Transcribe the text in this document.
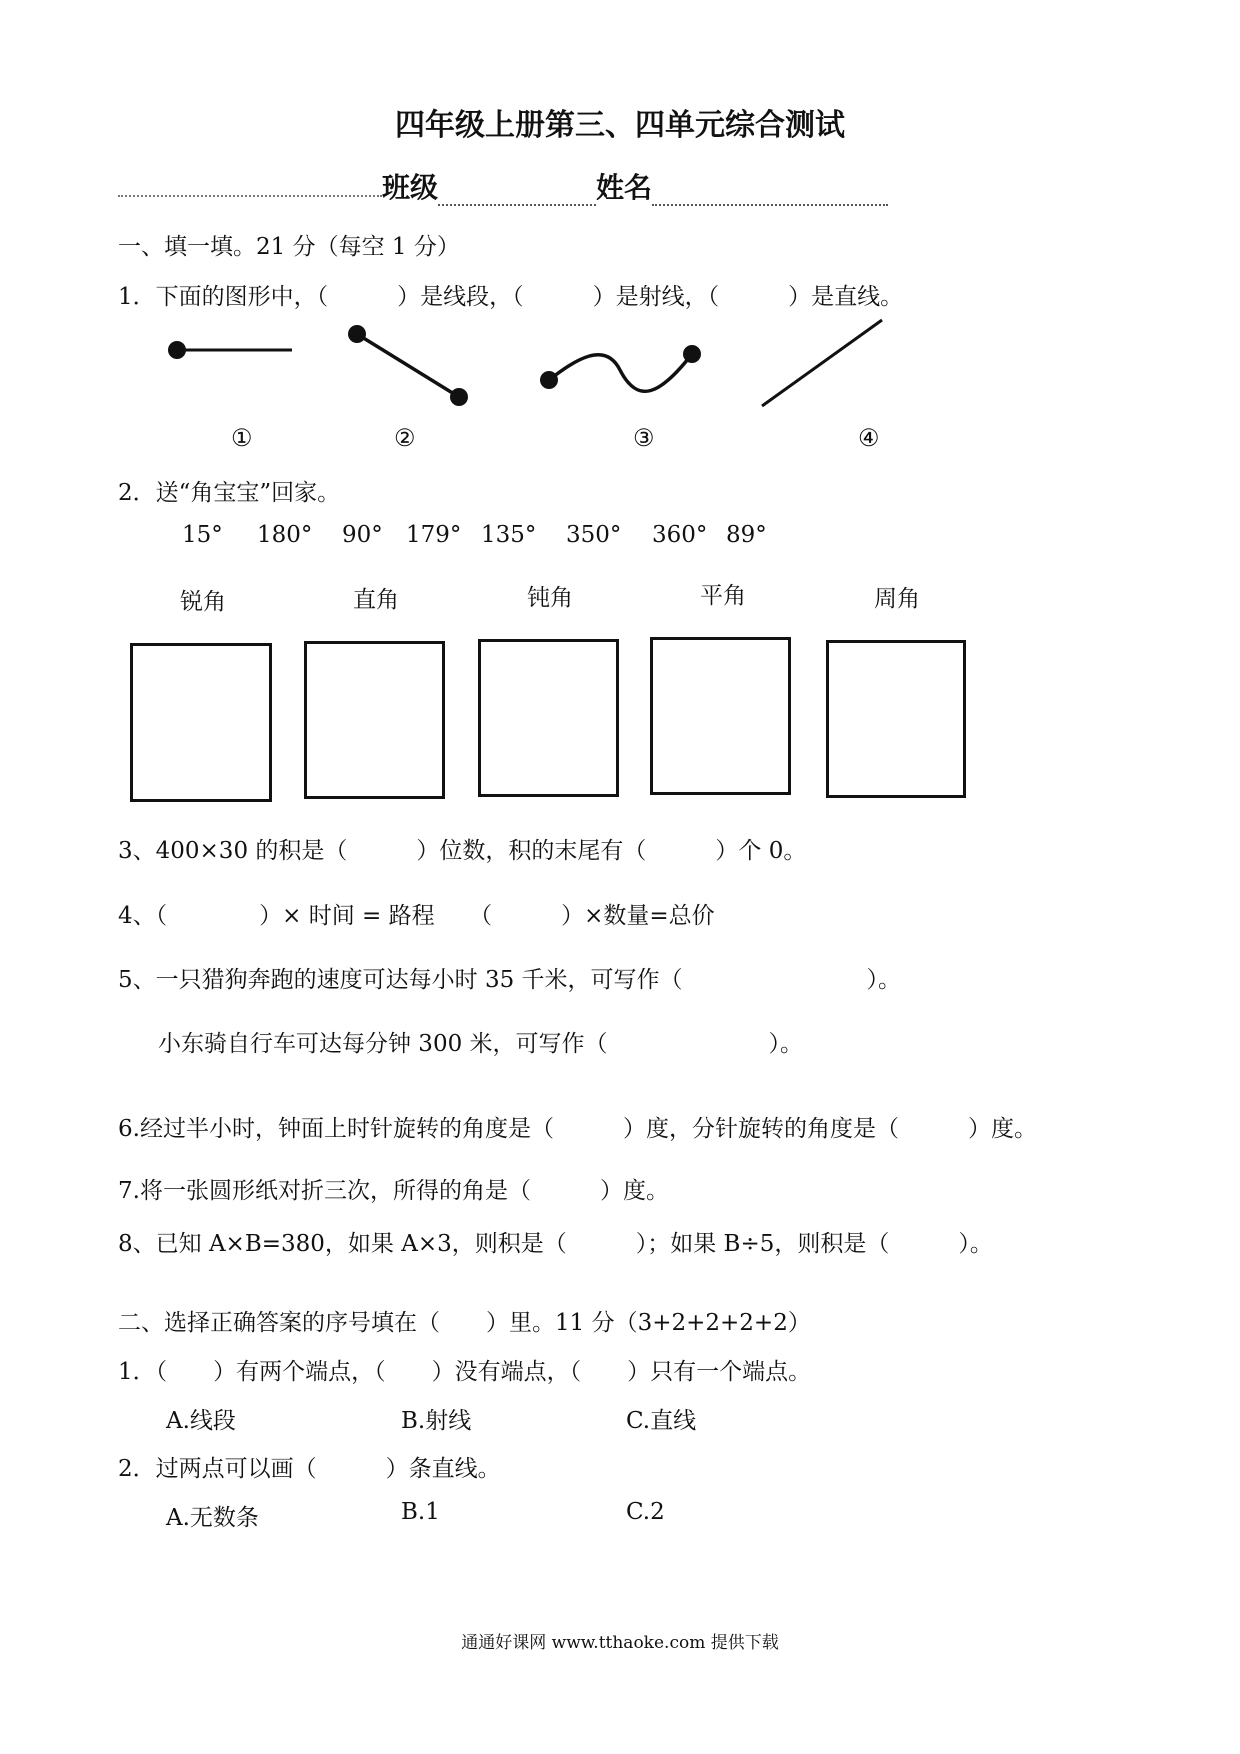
四年级上册第三、四单元综合测试
班级	姓名
一、填一填。21 分（每空 1 分）
1．下面的图形中，（　　　）是线段，（　　　）是射线，（　　　）是直线。
①	②	③	④
2．送“角宝宝”回家。
15° 180° 90° 179° 135° 350° 360° 89°
锐角	直角	钝角	平角	周角
3、400×30 的积是（　　　）位数，积的末尾有（　　　）个 0。
4、（　　　　）× 时间 = 路程　　（　　　）×数量=总价
5、一只猎狗奔跑的速度可达每小时 35 千米，可写作（　　　　　　　　）。
小东骑自行车可达每分钟 300 米，可写作（　　　　　　　）。
6.经过半小时，钟面上时针旋转的角度是（　　　）度，分针旋转的角度是（　　　）度。
7.将一张圆形纸对折三次，所得的角是（　　　）度。
8、已知 A×B=380，如果 A×3，则积是（　　　）；如果 B÷5，则积是（　　　）。
二、选择正确答案的序号填在（　　）里。11 分（3+2+2+2+2）
1．（　　）有两个端点，（　　）没有端点，（　　）只有一个端点。
A.线段	B.射线	C.直线
2．过两点可以画（　　　）条直线。
A.无数条	B.1	C.2
通通好课网 www.tthaoke.com 提供下载
